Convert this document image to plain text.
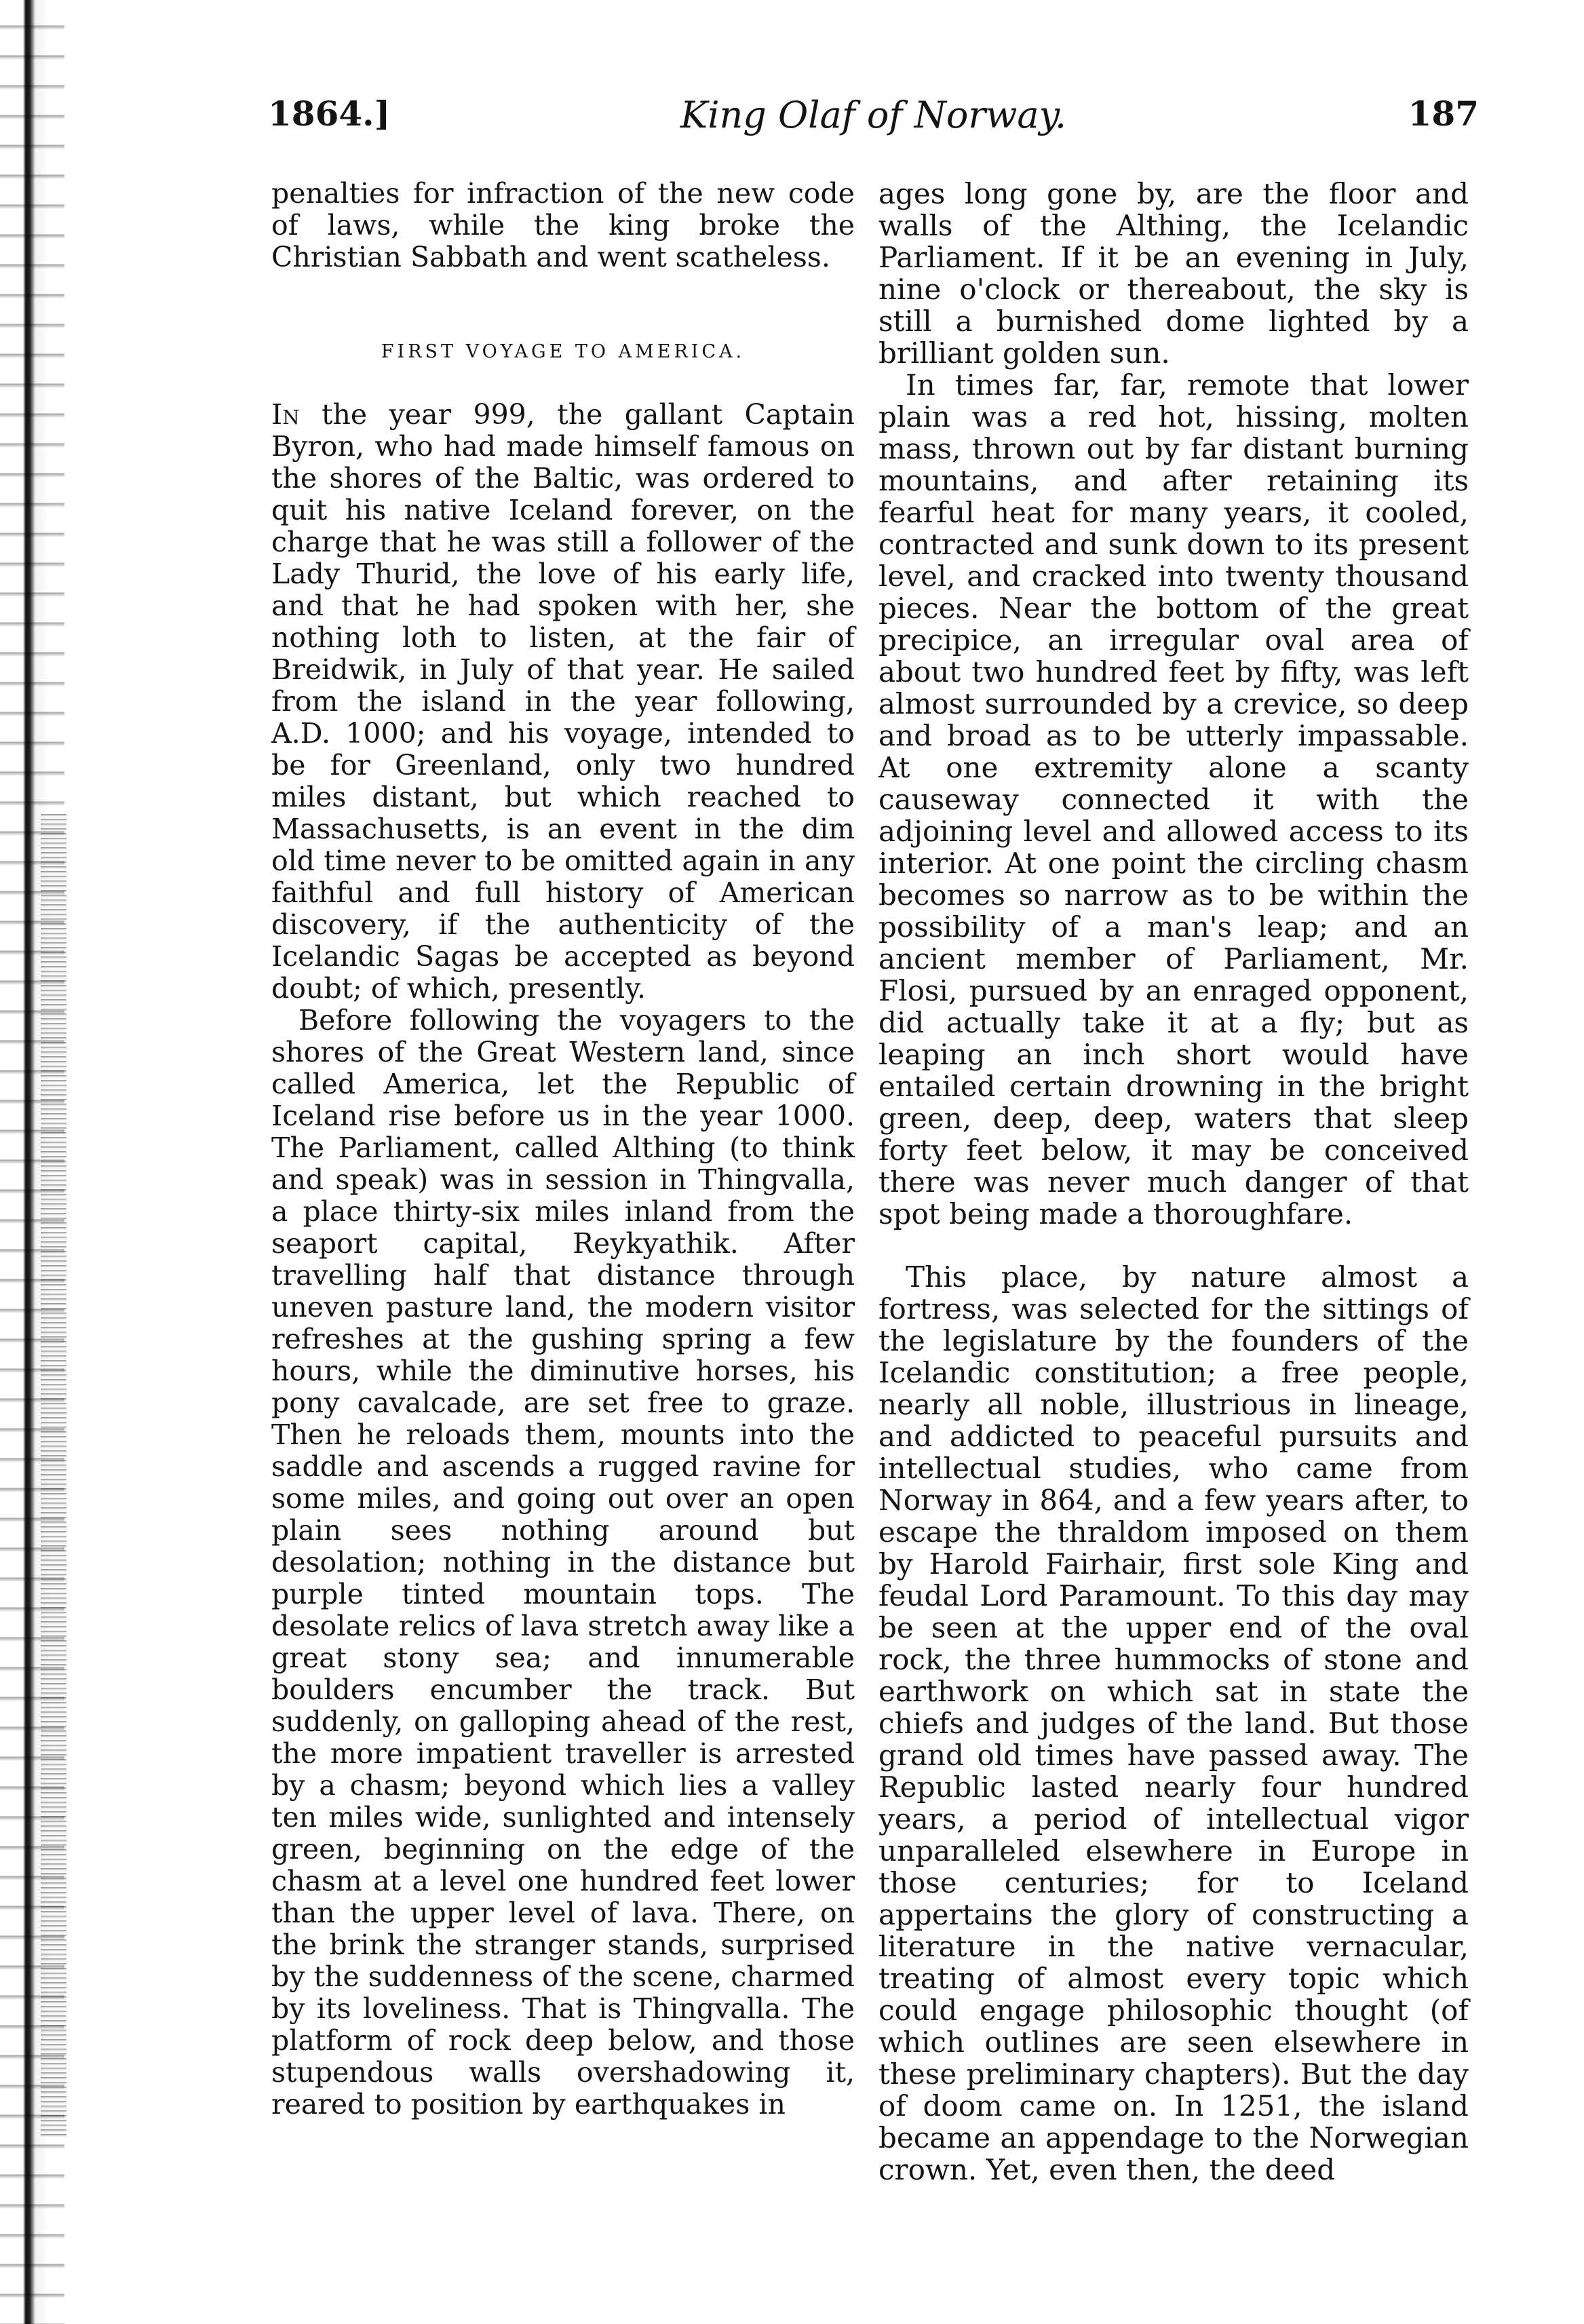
1864.]	King Olaf of Norway.	187

penalties for infraction of the new code of laws, while the king broke the Christian Sabbath and went scatheless.

FIRST VOYAGE TO AMERICA.

In the year 999, the gallant Captain Byron, who had made himself famous on the shores of the Baltic, was ordered to quit his native Iceland forever, on the charge that he was still a follower of the Lady Thurid, the love of his early life, and that he had spoken with her, she nothing loth to listen, at the fair of Breidwik, in July of that year. He sailed from the island in the year following, A.D. 1000; and his voyage, intended to be for Greenland, only two hundred miles distant, but which reached to Massachusetts, is an event in the dim old time never to be omitted again in any faithful and full history of American discovery, if the authenticity of the Icelandic Sagas be accepted as beyond doubt; of which, presently.

Before following the voyagers to the shores of the Great Western land, since called America, let the Republic of Iceland rise before us in the year 1000. The Parliament, called Althing (to think and speak) was in session in Thingvalla, a place thirty-six miles inland from the seaport capital, Reykyathik. After travelling half that distance through uneven pasture land, the modern visitor refreshes at the gushing spring a few hours, while the diminutive horses, his pony cavalcade, are set free to graze. Then he reloads them, mounts into the saddle and ascends a rugged ravine for some miles, and going out over an open plain sees nothing around but desolation; nothing in the distance but purple tinted mountain tops. The desolate relics of lava stretch away like a great stony sea; and innumerable boulders encumber the track. But suddenly, on galloping ahead of the rest, the more impatient traveller is arrested by a chasm; beyond which lies a valley ten miles wide, sunlighted and intensely green, beginning on the edge of the chasm at a level one hundred feet lower than the upper level of lava. There, on the brink the stranger stands, surprised by the suddenness of the scene, charmed by its loveliness. That is Thingvalla. The platform of rock deep below, and those stupendous walls overshadowing it, reared to position by earthquakes in

ages long gone by, are the floor and walls of the Althing, the Icelandic Parliament. If it be an evening in July, nine o'clock or thereabout, the sky is still a burnished dome lighted by a brilliant golden sun.

In times far, far, remote that lower plain was a red hot, hissing, molten mass, thrown out by far distant burning mountains, and after retaining its fearful heat for many years, it cooled, contracted and sunk down to its present level, and cracked into twenty thousand pieces. Near the bottom of the great precipice, an irregular oval area of about two hundred feet by fifty, was left almost surrounded by a crevice, so deep and broad as to be utterly impassable. At one extremity alone a scanty causeway connected it with the adjoining level and allowed access to its interior. At one point the circling chasm becomes so narrow as to be within the possibility of a man's leap; and an ancient member of Parliament, Mr. Flosi, pursued by an enraged opponent, did actually take it at a fly; but as leaping an inch short would have entailed certain drowning in the bright green, deep, deep, waters that sleep forty feet below, it may be conceived there was never much danger of that spot being made a thoroughfare.

This place, by nature almost a fortress, was selected for the sittings of the legislature by the founders of the Icelandic constitution; a free people, nearly all noble, illustrious in lineage, and addicted to peaceful pursuits and intellectual studies, who came from Norway in 864, and a few years after, to escape the thraldom imposed on them by Harold Fairhair, first sole King and feudal Lord Paramount. To this day may be seen at the upper end of the oval rock, the three hummocks of stone and earthwork on which sat in state the chiefs and judges of the land. But those grand old times have passed away. The Republic lasted nearly four hundred years, a period of intellectual vigor unparalleled elsewhere in Europe in those centuries; for to Iceland appertains the glory of constructing a literature in the native vernacular, treating of almost every topic which could engage philosophic thought (of which outlines are seen elsewhere in these preliminary chapters). But the day of doom came on. In 1251, the island became an appendage to the Norwegian crown. Yet, even then, the deed
